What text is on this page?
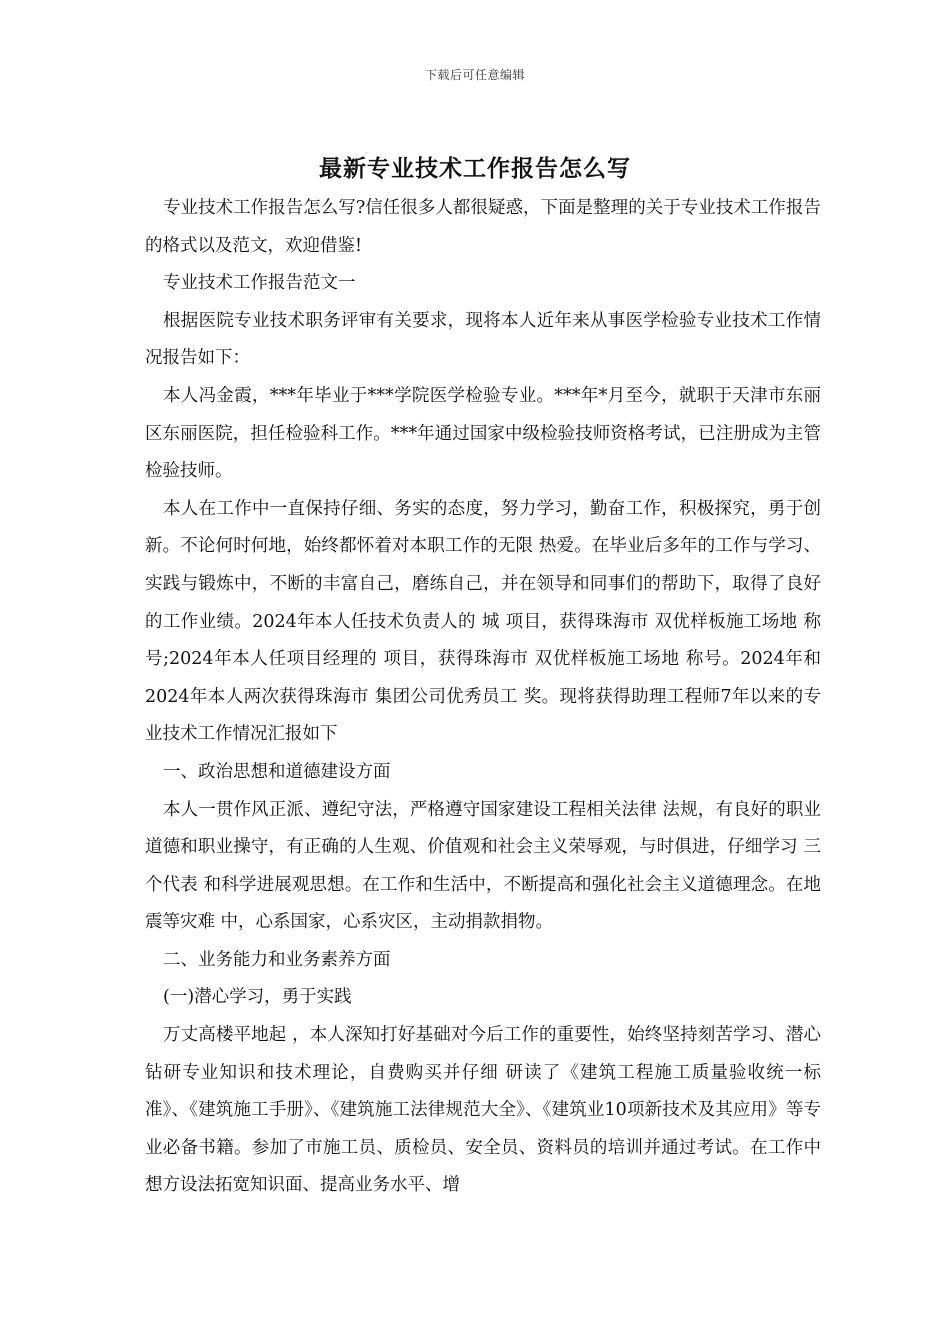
下载后可任意编辑
最新专业技术工作报告怎么写

专业技术工作报告怎么写?信任很多人都很疑惑，下面是整理的关于专业技术工作报告的格式以及范文，欢迎借鉴!

专业技术工作报告范文一

根据医院专业技术职务评审有关要求，现将本人近年来从事医学检验专业技术工作情况报告如下：

本人冯金霞，***年毕业于***学院医学检验专业。***年*月至今，就职于天津市东丽区东丽医院，担任检验科工作。***年通过国家中级检验技师资格考试，已注册成为主管检验技师。

本人在工作中一直保持仔细、务实的态度，努力学习，勤奋工作，积极探究，勇于创新。不论何时何地，始终都怀着对本职工作的无限 热爱。在毕业后多年的工作与学习、实践与锻炼中，不断的丰富自己，磨练自己，并在领导和同事们的帮助下，取得了良好的工作业绩。2024年本人任技术负责人的 城 项目，获得珠海市 双优样板施工场地 称号;2024年本人任项目经理的 项目，获得珠海市 双优样板施工场地 称号。2024年和2024年本人两次获得珠海市 集团公司优秀员工 奖。现将获得助理工程师7年以来的专业技术工作情况汇报如下

一、政治思想和道德建设方面

本人一贯作风正派、遵纪守法，严格遵守国家建设工程相关法律 法规，有良好的职业道德和职业操守，有正确的人生观、价值观和社会主义荣辱观，与时俱进，仔细学习 三个代表 和科学进展观思想。在工作和生活中，不断提高和强化社会主义道德理念。在地震等灾难 中，心系国家，心系灾区，主动捐款捐物。

二、业务能力和业务素养方面

(一)潜心学习，勇于实践

万丈高楼平地起 ，本人深知打好基础对今后工作的重要性，始终坚持刻苦学习、潜心钻研专业知识和技术理论，自费购买并仔细 研读了《建筑工程施工质量验收统一标准》、《建筑施工手册》、《建筑施工法律规范大全》、《建筑业10项新技术及其应用》等专业必备书籍。参加了市施工员、质检员、安全员、资料员的培训并通过考试。在工作中想方设法拓宽知识面、提高业务水平、增
